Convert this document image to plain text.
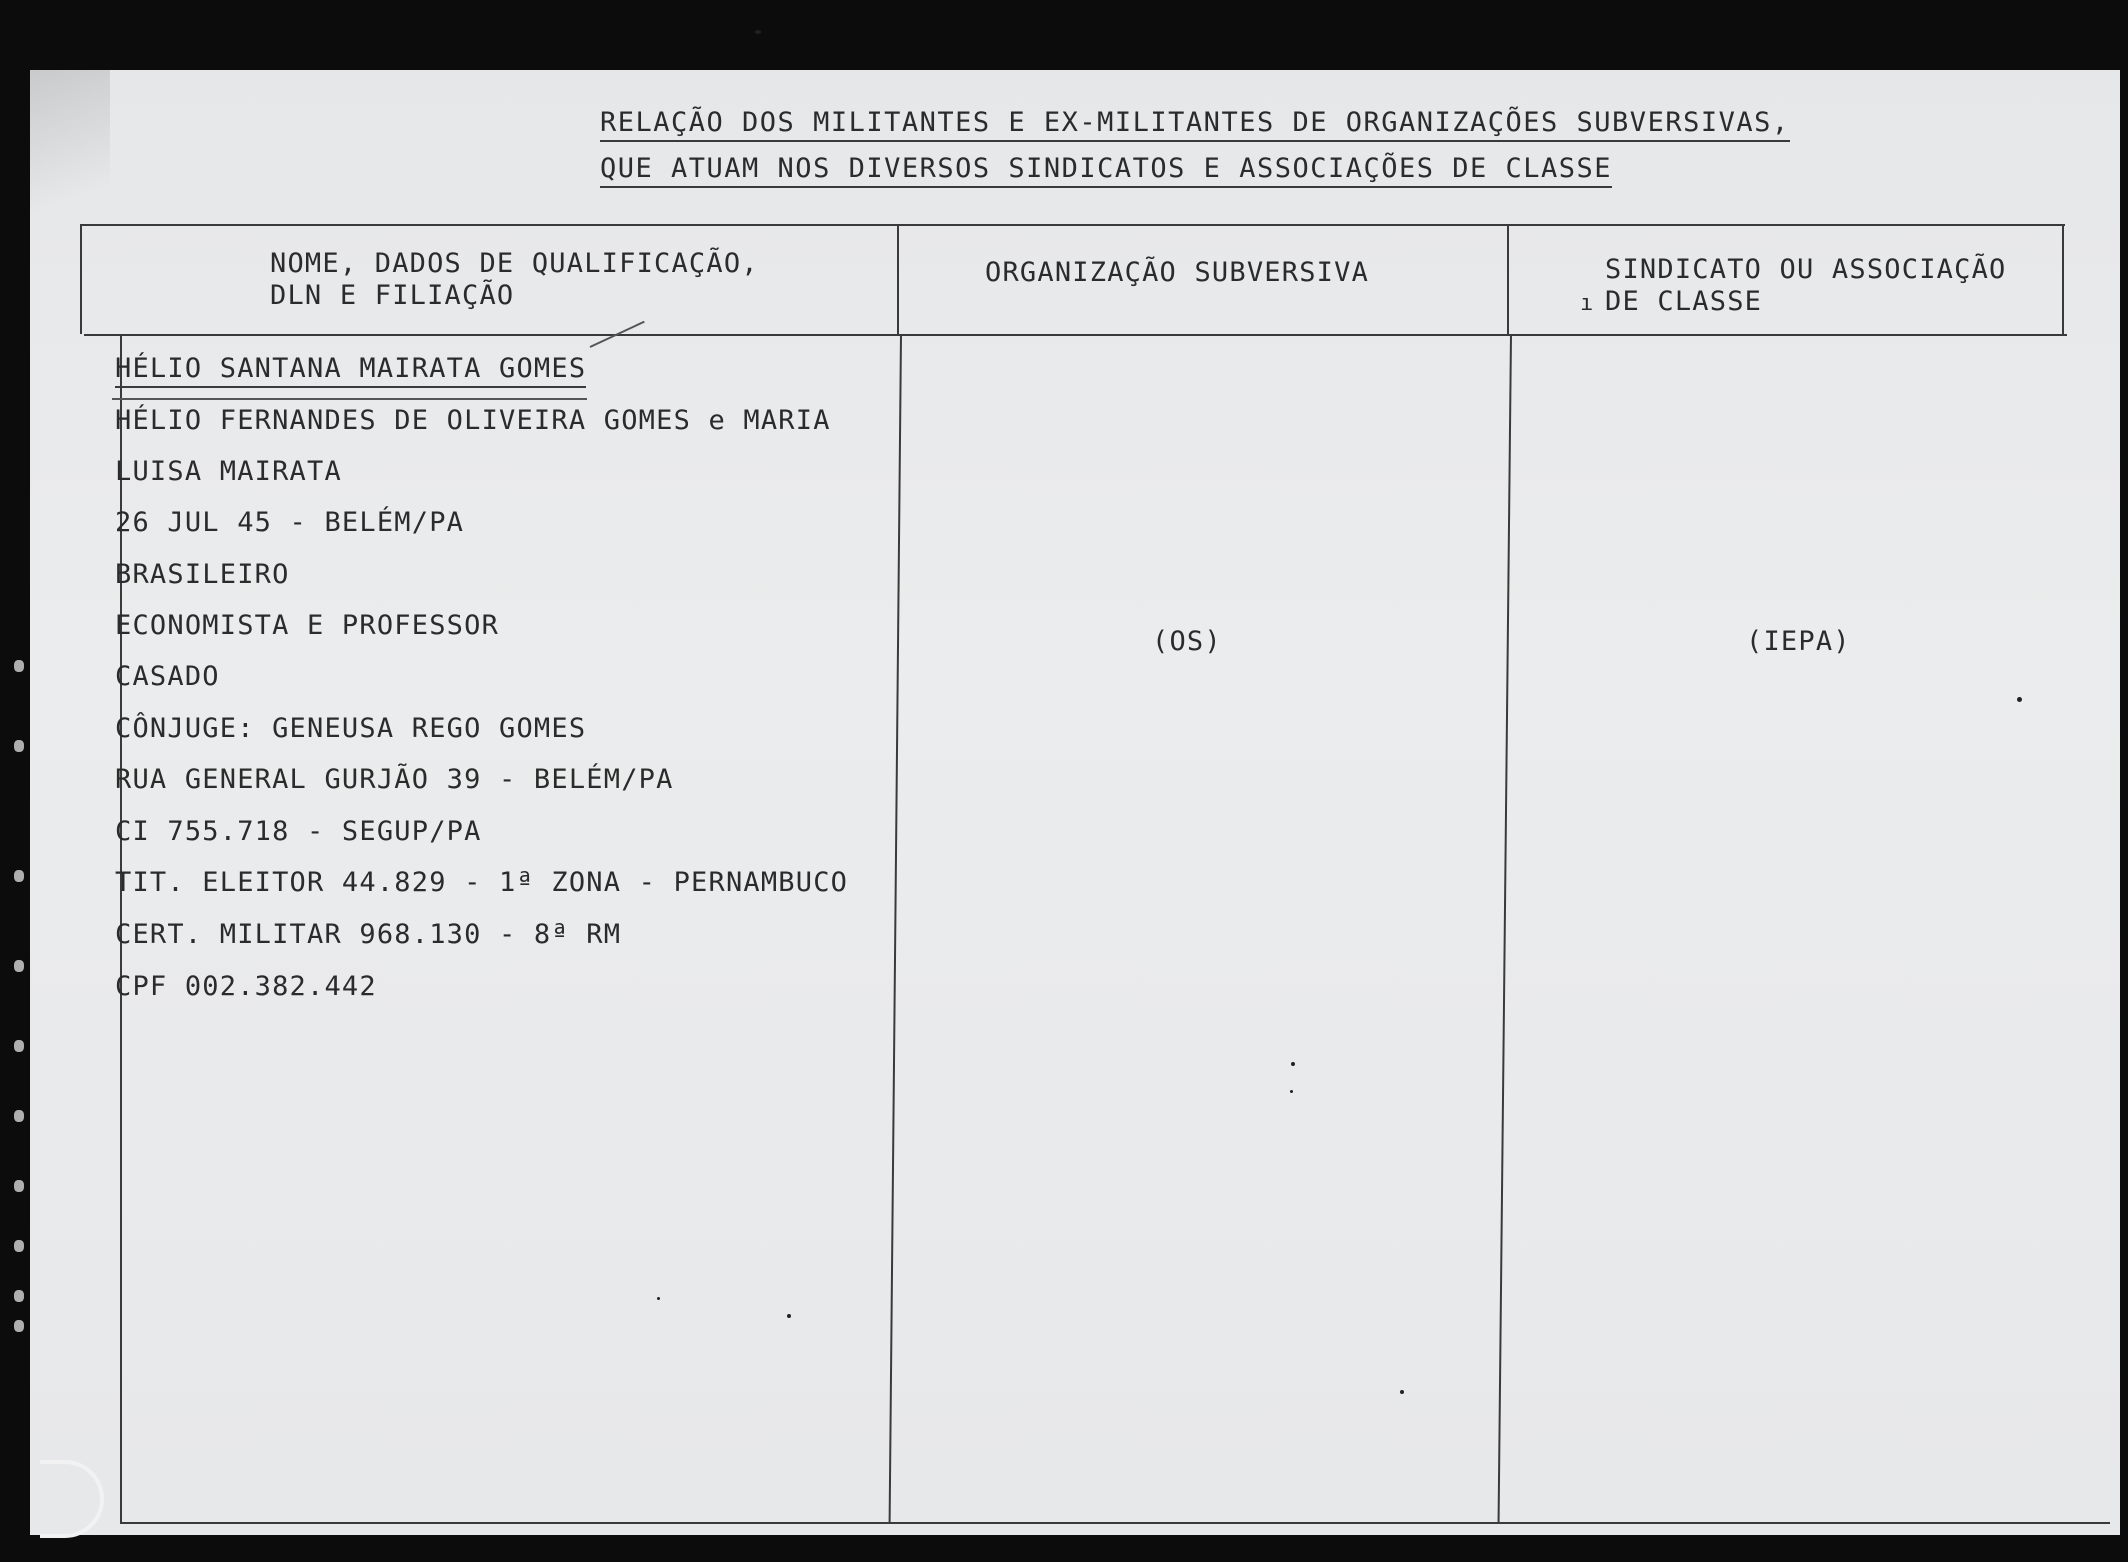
RELAÇÃO DOS MILITANTES E EX-MILITANTES DE ORGANIZAÇÕES SUBVERSIVAS,
QUE ATUAM NOS DIVERSOS SINDICATOS E ASSOCIAÇÕES DE CLASSE
NOME, DADOS DE QUALIFICAÇÃO,
DLN E FILIAÇÃO
ORGANIZAÇÃO SUBVERSIVA	SINDICATO OU ASSOCIAÇÃO
DE CLASSE
ı
HÉLIO SANTANA MAIRATA GOMES
HÉLIO FERNANDES DE OLIVEIRA GOMES e MARIA
LUISA MAIRATA
26 JUL 45 - BELÉM/PA
BRASILEIRO
ECONOMISTA E PROFESSOR
CASADO
CÔNJUGE: GENEUSA REGO GOMES
RUA GENERAL GURJÃO 39 - BELÉM/PA
CI 755.718 - SEGUP/PA
TIT. ELEITOR 44.829 - 1ª ZONA - PERNAMBUCO
CERT. MILITAR 968.130 - 8ª RM
CPF 002.382.442
(OS)	(IEPA)
